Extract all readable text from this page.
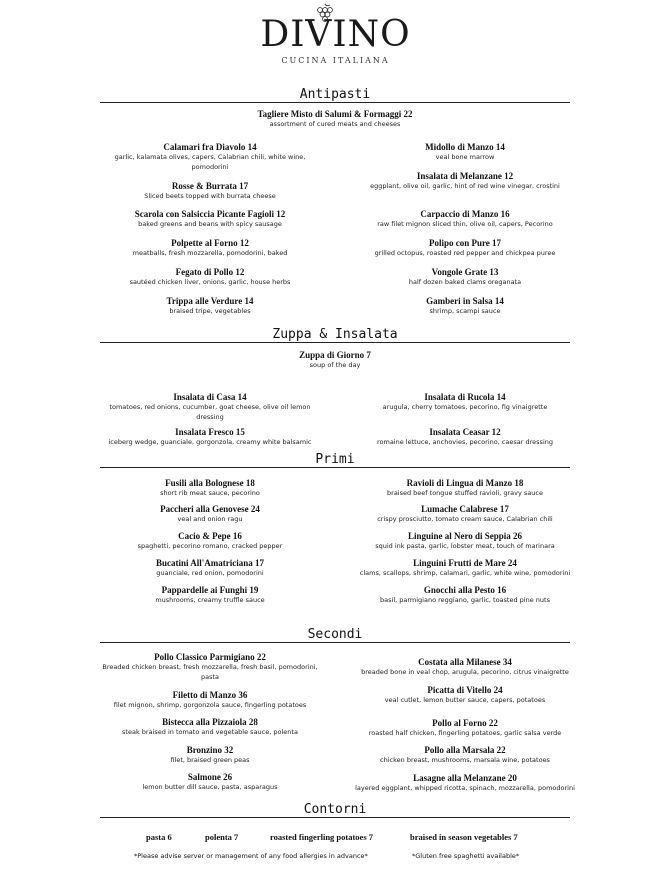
DIVINO
CUCINA ITALIANA
Antipasti
Tagliere Misto di Salumi & Formaggi 22
assortment of cured meats and cheeses
Calamari fra Diavolo 14
garlic, kalamata olives, capers, Calabrian chili, white wine, pomodorini
Rosse & Burrata 17
Sliced beets topped with burrata cheese
Scarola con Salsiccia Picante Fagioli 12
baked greens and beans with spicy sausage
Polpette al Forno 12
meatballs, fresh mozzarella, pomodorini, baked
Fegato di Pollo 12
sautéed chicken liver, onions, garlic, house herbs
Trippa alle Verdure 14
braised tripe, vegetables
Midollo di Manzo 14
veal bone marrow
Insalata di Melanzane 12
eggplant, olive oil, garlic, hint of red wine vinegar, crostini
Carpaccio di Manzo 16
raw filet mignon sliced thin, olive oil, capers, Pecorino
Polipo con Pure 17
grilled octopus, roasted red pepper and chickpea puree
Vongole Grate 13
half dozen baked clams oreganata
Gamberi in Salsa 14
shrimp, scampi sauce
Zuppa & Insalata
Zuppa di Giorno 7
soup of the day
Insalata di Casa 14
tomatoes, red onions, cucumber, goat cheese, olive oil lemon dressing
Insalata Fresco 15
iceberg wedge, guanciale, gorgonzola, creamy white balsamic
Insalata di Rucola 14
arugula, cherry tomatoes, pecorino, fig vinaigrette
Insalata Ceasar 12
romaine lettuce, anchovies, pecorino, caesar dressing
Primi
Fusili alla Bolognese 18
short rib meat sauce, pecorino
Paccheri alla Genovese 24
veal and onion ragu
Cacio & Pepe 16
spaghetti, pecorino romano, cracked pepper
Bucatini All'Amatriciana 17
guanciale, red onion, pomodorini
Pappardelle ai Funghi 19
mushrooms, creamy truffle sauce
Ravioli di Lingua di Manzo 18
braised beef tongue stuffed ravioli, gravy sauce
Lumache Calabrese 17
crispy prosciutto, tomato cream sauce, Calabrian chili
Linguine al Nero di Seppia 26
squid ink pasta, garlic, lobster meat, touch of marinara
Linguini Frutti de Mare 24
clams, scallops, shrimp, calamari, garlic, white wine, pomodorini
Gnocchi alla Pesto 16
basil, parmigiano reggiano, garlic, toasted pine nuts
Secondi
Pollo Classico Parmigiano 22
Breaded chicken breast, fresh mozzarella, fresh basil, pomodorini, pasta
Filetto di Manzo 36
filet mignon, shrimp, gorgonzola sauce, fingerling potatoes
Bistecca alla Pizzaiola 28
steak braised in tomato and vegetable sauce, polenta
Bronzino 32
filet, braised green peas
Salmone 26
lemon butter dill sauce, pasta, asparagus
Costata alla Milanese 34
breaded bone in veal chop, arugula, pecorino, citrus vinaigrette
Picatta di Vitello 24
veal cutlet, lemon butter sauce, capers, potatoes
Pollo al Forno 22
roasted half chicken, fingerling potatoes, garlic salsa verde
Pollo alla Marsala 22
chicken breast, mushrooms, marsala wine, potatoes
Lasagne alla Melanzane 20
layered eggplant, whipped ricotta, spinach, mozzarella, pomodorini
Contorni
pasta 6	polenta 7	roasted fingerling potatoes 7	braised in season vegetables 7
*Please advise server or management of any food allergies in advance*	*Gluten free spaghetti available*
